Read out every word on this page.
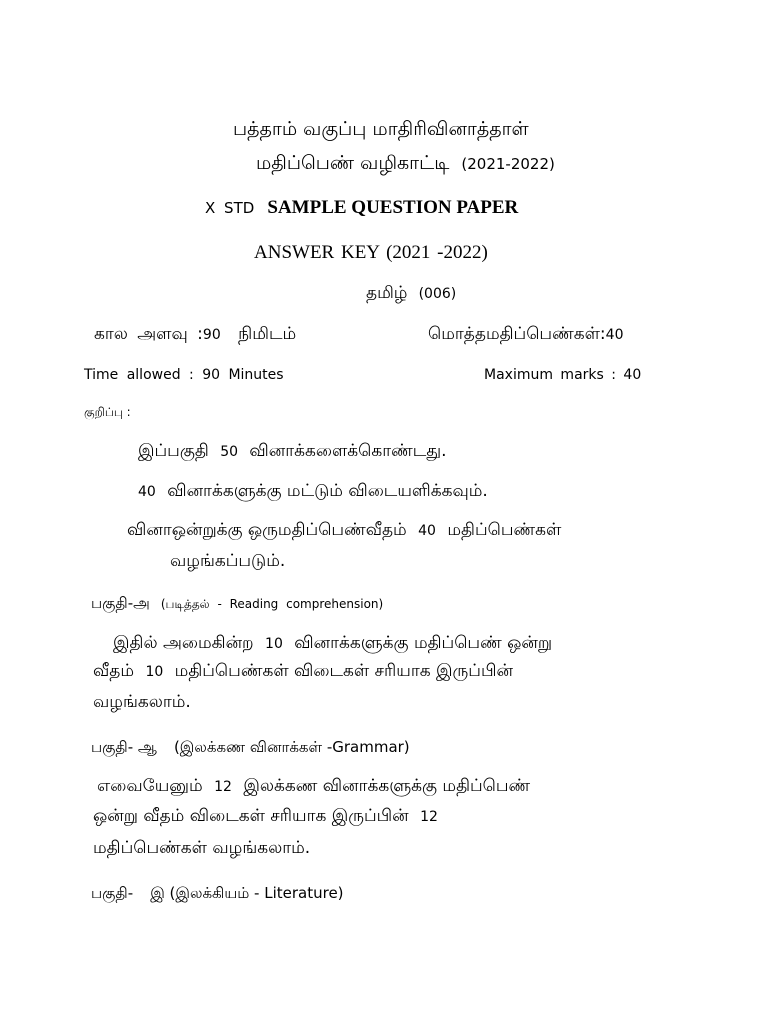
பத்தாம் வகுப்பு மாதிரிவினாத்தாள்
மதிப்பெண் வழிகாட்டி (2021-2022)
X STD SAMPLE QUESTION PAPER
ANSWER KEY (2021 -2022)
தமிழ் (006)
கால அளவு :90 நிமிடம்	மொத்தமதிப்பெண்கள்:40
Time allowed : 90 Minutes	Maximum marks : 40
குறிப்பு :
இப்பகுதி 50 வினாக்களைக்கொண்டது.
40 வினாக்களுக்கு மட்டும் விடையளிக்கவும்.
வினாஒன்றுக்கு ஒருமதிப்பெண்வீதம் 40 மதிப்பெண்கள்
வழங்கப்படும்.
பகுதி-அ (படித்தல் - Reading comprehension)
இதில் அமைகின்ற 10 வினாக்களுக்கு மதிப்பெண் ஒன்று
வீதம் 10 மதிப்பெண்கள் விடைகள் சரியாக இருப்பின்
வழங்கலாம்.
பகுதி- ஆ (இலக்கண வினாக்கள் -Grammar)
எவையேனும் 12 இலக்கண வினாக்களுக்கு மதிப்பெண்
ஒன்று வீதம் விடைகள் சரியாக இருப்பின் 12
மதிப்பெண்கள் வழங்கலாம்.
பகுதி- இ (இலக்கியம் - Literature)
